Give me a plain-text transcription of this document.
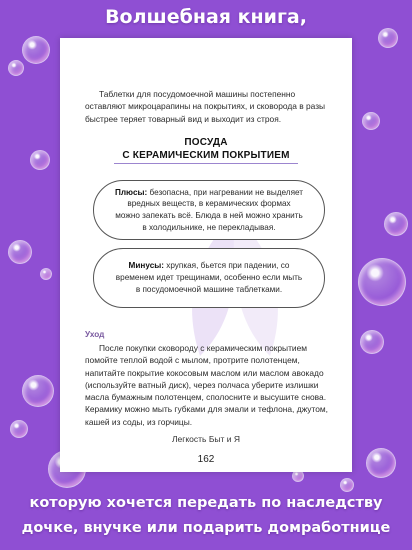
Волшебная книга,
Таблетки для посудомоечной машины постепенно оставляют микроцарапины на покрытиях, и сковорода в разы быстрее теряет товарный вид и выходит из строя.
ПОСУДА
С КЕРАМИЧЕСКИМ ПОКРЫТИЕМ
Плюсы: безопасна, при нагревании не выделяет вредных веществ, в керамических формах можно запекать всё. Блюда в ней можно хранить в холодильнике, не перекладывая.
Минусы: хрупкая, бьется при падении, со временем идет трещинами, особенно если мыть в посудомоечной машине таблетками.
Уход
После покупки сковороду с керамическим покрытием помойте теплой водой с мылом, протрите полотенцем, напитайте покрытие кокосовым маслом или маслом авокадо (используйте ватный диск), через полчаса уберите излишки масла бумажным полотенцем, сполосните и высушите снова. Керамику можно мыть губками для эмали и тефлона, джутом, кашей из соды, из горчицы.
Легкость Быт и Я
162
которую хочется передать по наследству
дочке, внучке или подарить домработнице
